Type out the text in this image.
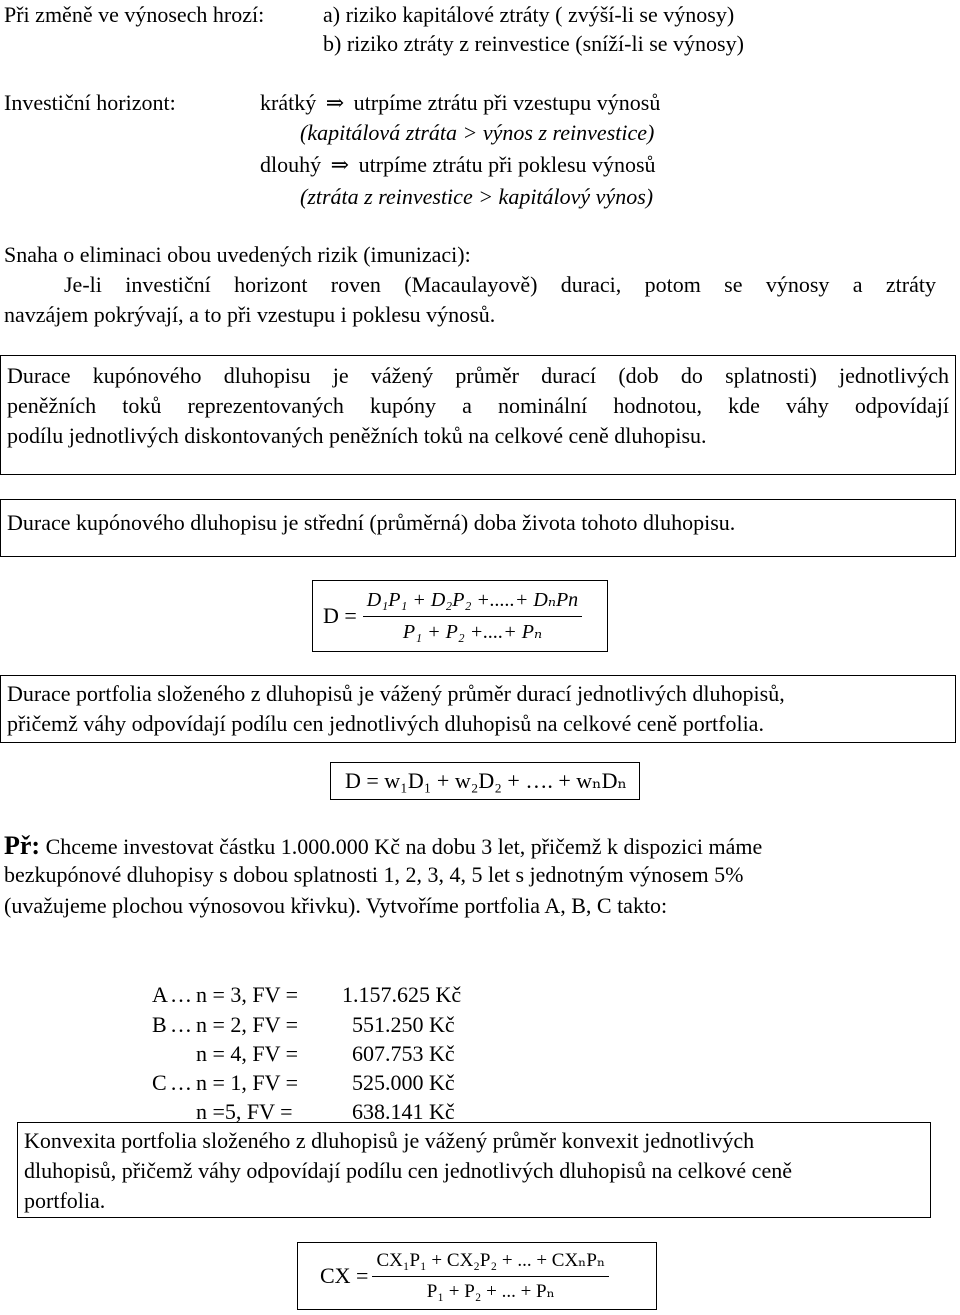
Při změně ve výnosech hrozí:	a) riziko kapitálové ztráty ( zvýší-li se výnosy)
b) riziko ztráty z reinvestice (sníží-li se výnosy)
Investiční horizont:	krátký ⇒ utrpíme ztrátu při vzestupu výnosů
(kapitálová ztráta > výnos z reinvestice)
dlouhý ⇒ utrpíme ztrátu při poklesu výnosů
(ztráta z reinvestice > kapitálový výnos)
Snaha o eliminaci obou uvedených rizik (imunizaci):
Je-li investiční horizont roven (Macaulayově) duraci, potom se výnosy a ztráty
navzájem pokrývají, a to při vzestupu i poklesu výnosů.

Durace kupónového dluhopisu je vážený průměr durací (dob do splatnosti) jednotlivých

peněžních toků reprezentovaných kupóny a nominální hodnotou, kde váhy odpovídají

podílu jednotlivých diskontovaných peněžních toků na celkové ceně dluhopisu.

Durace kupónového dluhopisu je střední (průměrná) doba života tohoto dluhopisu.

$D = \frac{\text{D₁P₁ + D₂P₂ +.....+ DₙPn}}{\text{P₁ + P₂ +....+ Pₙ}}$

Durace portfolia složeného z dluhopisů je vážený průměr durací jednotlivých dluhopisů,

přičemž váhy odpovídají podílu cen jednotlivých dluhopisů na celkové ceně portfolia.

D = w₁D₁ + w₂D₂ + …. + wₙDₙ
Př: Chceme investovat částku 1.000.000 Kč na dobu 3 let, přičemž k dispozici máme
bezkupónové dluhopisy s dobou splatnosti 1, 2, 3, 4, 5 let s jednotným výnosem 5%
(uvažujeme plochou výnosovou křivku). Vytvoříme portfolia A, B, C takto:

A… n = 3, FV = 1.157.625 Kč

B … n = 2, FV = 551.250 Kč

n = 4, FV = 607.753 Kč

C … n = 1, FV = 525.000 Kč

n =5, FV =	638.141 Kč

Konvexita portfolia složeného z dluhopisů je vážený průměr konvexit jednotlivých

dluhopisů, přičemž váhy odpovídají podílu cen jednotlivých dluhopisů na celkové ceně

portfolia.

CX = $\frac{\text{CX₁P₁ + CX₂P₂ + ... + CXₙPₙ}}{\text{P₁ + P₂ + ... + Pₙ}}$
